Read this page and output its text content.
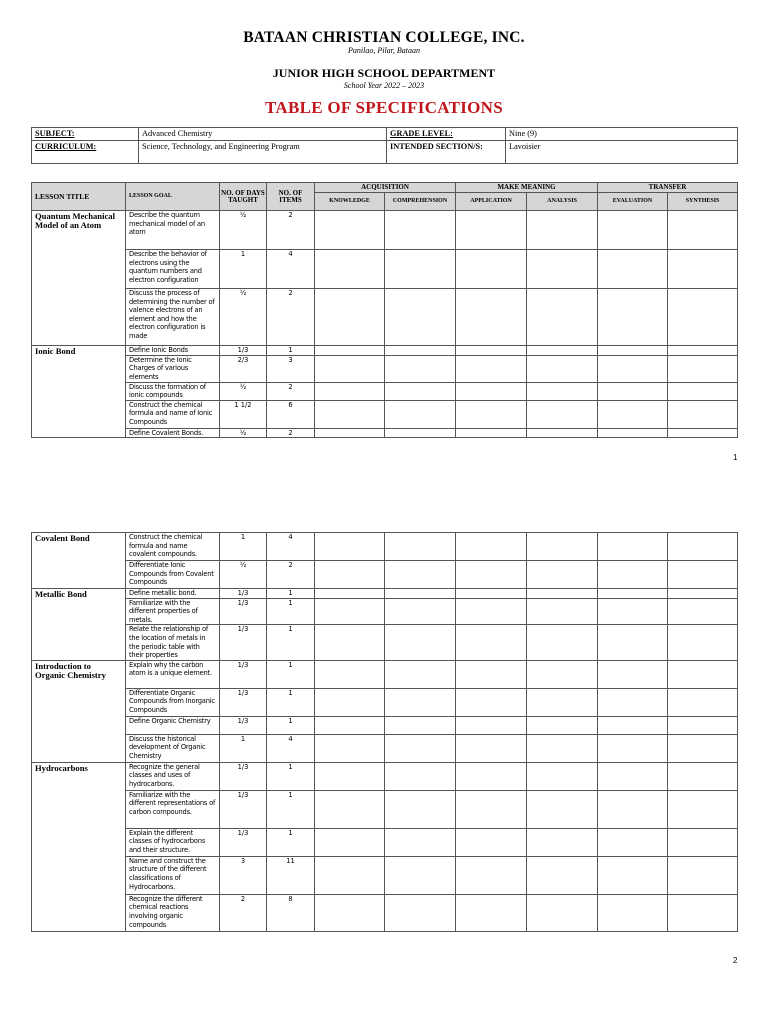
BATAAN CHRISTIAN COLLEGE, INC.
Panilao, Pilar, Bataan
JUNIOR HIGH SCHOOL DEPARTMENT
School Year 2022 – 2023
TABLE OF SPECIFICATIONS
SUBJECT:	Advanced Chemistry	GRADE LEVEL:	Nine (9)
CURRICULUM:	Science, Technology, and Engineering Program	INTENDED SECTION/S:	Lavoisier
LESSON TITLE	LESSON GOAL	NO. OF DAYS TAUGHT	NO. OF ITEMS	ACQUISITION		MAKE MEANING		TRANSFER	
				KNOWLEDGE	COMPREHENSION	APPLICATION	ANALYSIS	EVALUATION	SYNTHESIS
Quantum Mechanical Model of an Atom	Describe the quantum mechanical model of an atom	½	2						
	Describe the behavior of electrons using the quantum numbers and electron configuration	1	4						
	Discuss the process of determining the number of valence electrons of an element and how the electron configuration is made	½	2						
Ionic Bond	Define Ionic Bonds	1/3	1						
	Determine the Ionic Charges of various elements	2/3	3						
	Discuss the formation of ionic compounds	½	2						
	Construct the chemical formula and name of Ionic Compounds	1 1/2	6						
	Define Covalent Bonds.	½	2						
1
Covalent Bond	Construct the chemical formula and name covalent compounds.	1	4						
	Differentiate Ionic Compounds from Covalent Compounds	½	2						
Metallic Bond	Define metallic bond.	1/3	1						
	Familiarize with the different properties of metals.	1/3	1						
	Relate the relationship of the location of metals in the periodic table with their properties	1/3	1						
Introduction to Organic Chemistry	Explain why the carbon atom is a unique element.	1/3	1						
	Differentiate Organic Compounds from Inorganic Compounds	1/3	1						
	Define Organic Chemistry	1/3	1						
	Discuss the historical development of Organic Chemistry	1	4						
Hydrocarbons	Recognize the general classes and uses of hydrocarbons.	1/3	1						
	Familiarize with the different representations of carbon compounds.	1/3	1						
	Explain the different classes of hydrocarbons and their structure.	1/3	1						
	Name and construct the structure of the different classifications of Hydrocarbons.	3	11						
	Recognize the different chemical reactions involving organic compounds	2	8						
2
